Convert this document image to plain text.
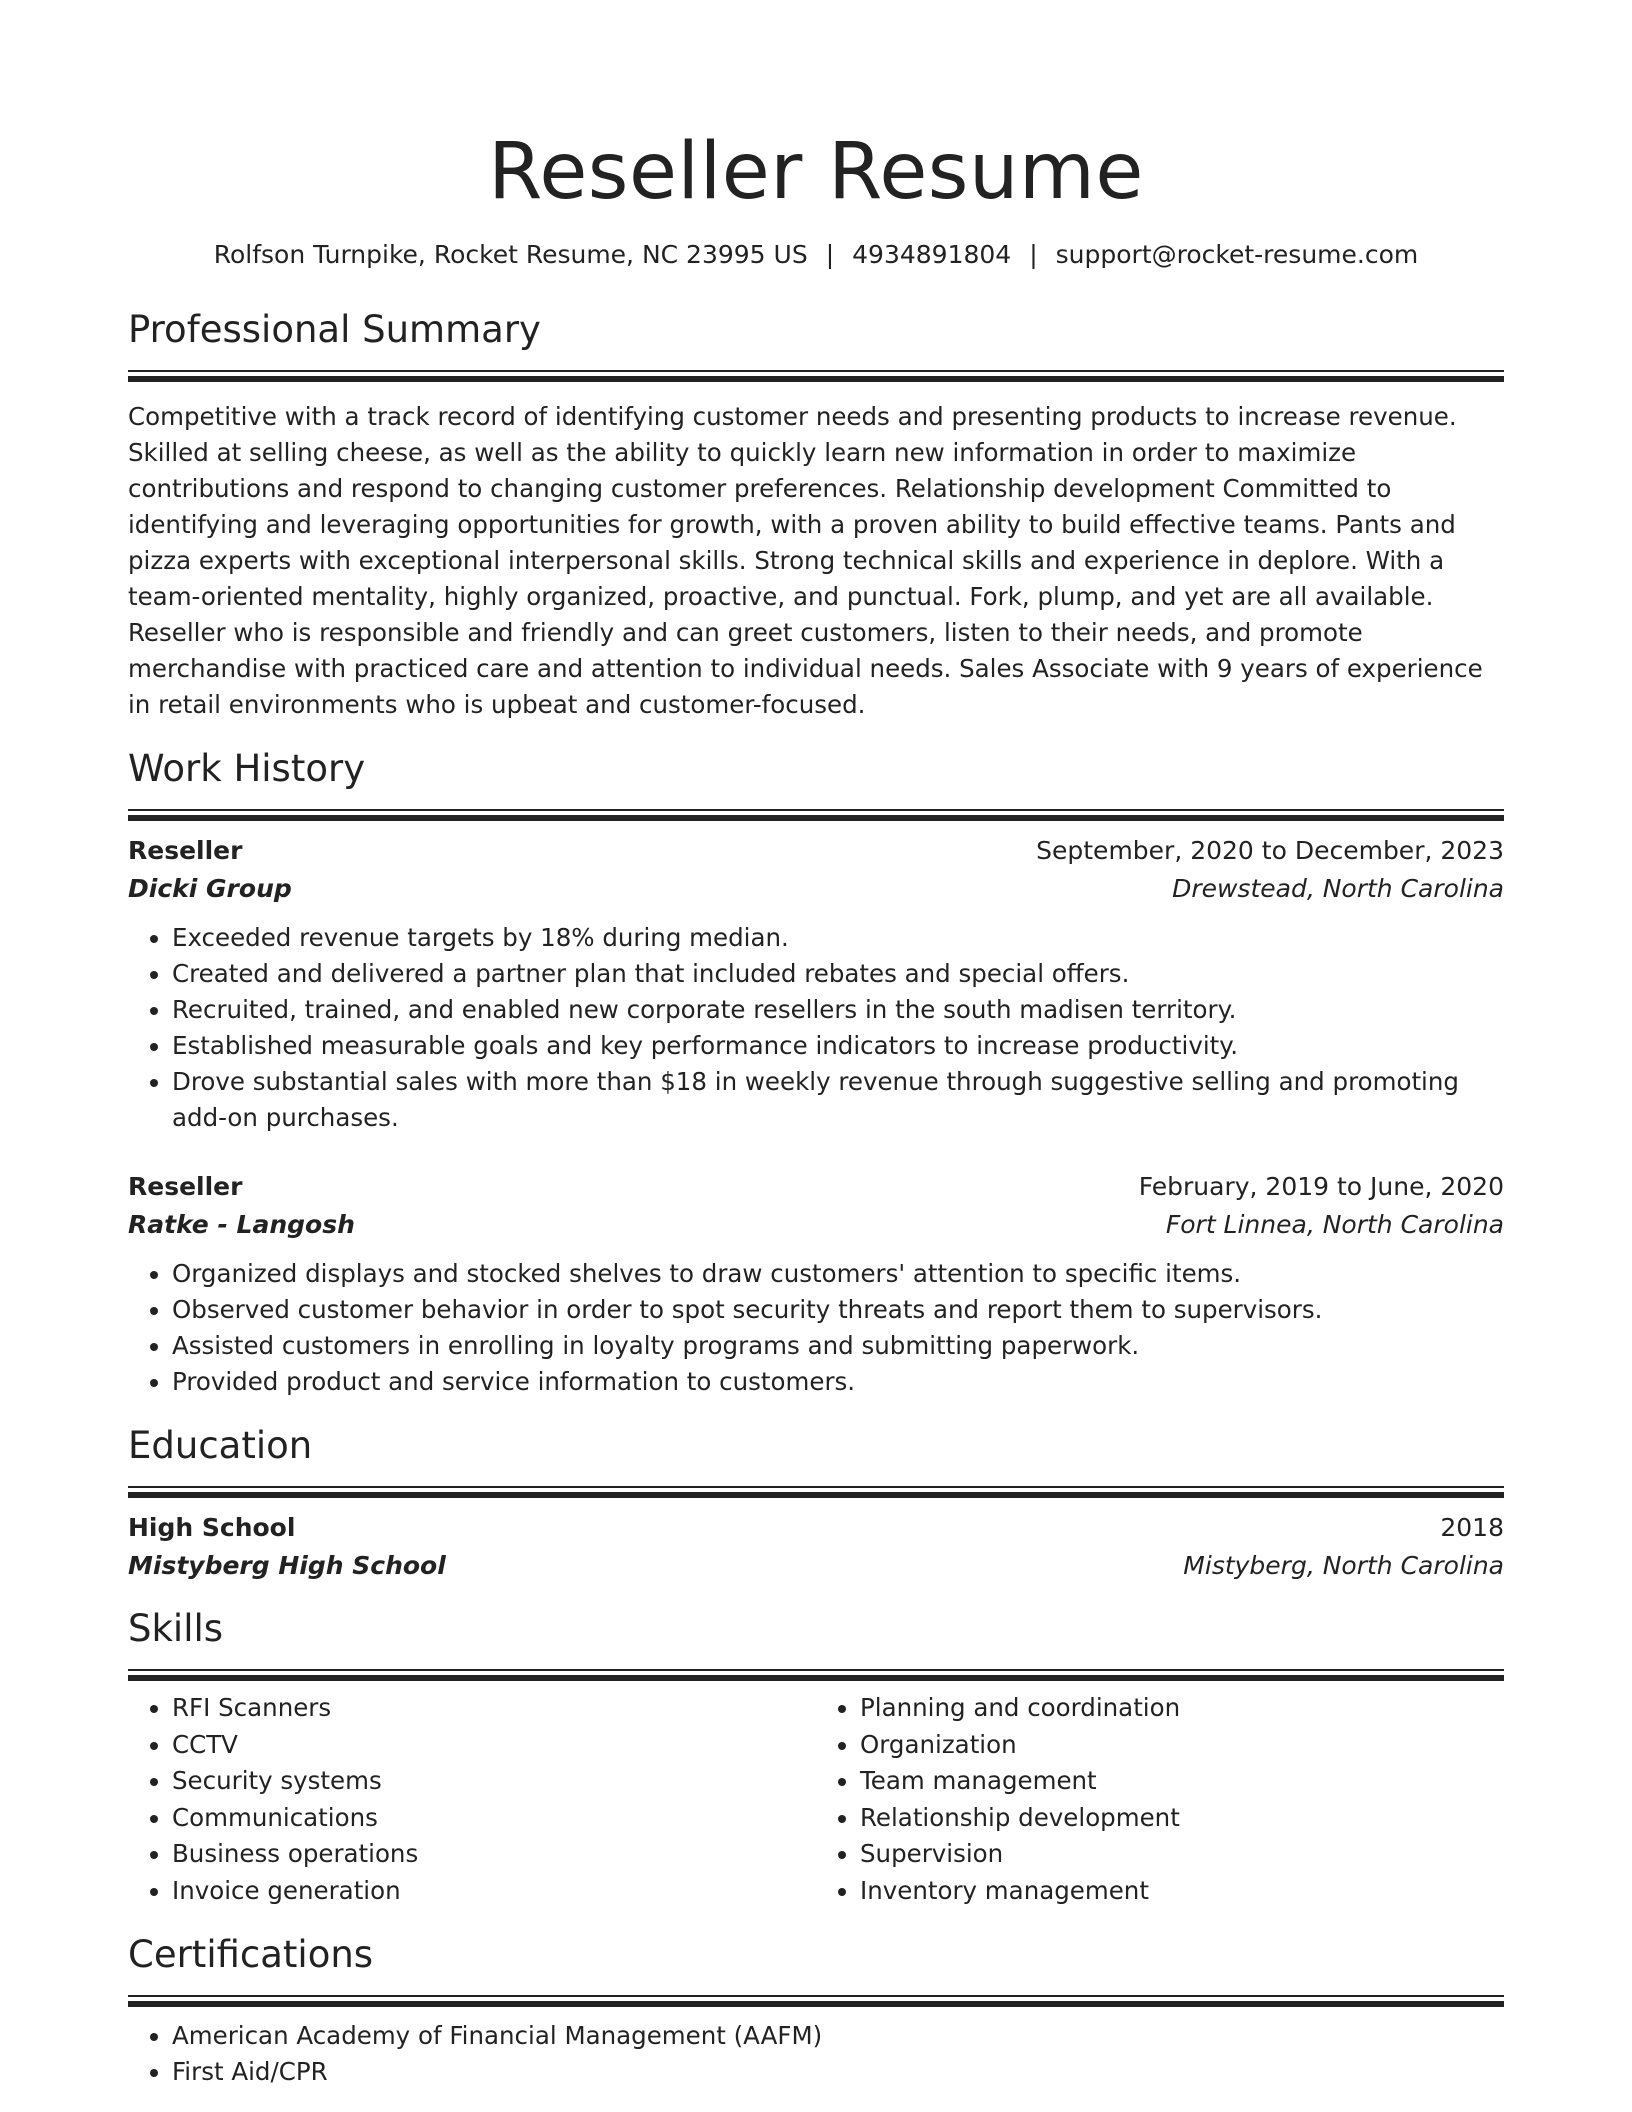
Reseller Resume
Rolfson Turnpike, Rocket Resume, NC 23995 US | 4934891804 | support@rocket-resume.com
Professional Summary

Competitive with a track record of identifying customer needs and presenting products to increase revenue. Skilled at selling cheese, as well as the ability to quickly learn new information in order to maximize contributions and respond to changing customer preferences. Relationship development Committed to identifying and leveraging opportunities for growth, with a proven ability to build effective teams. Pants and pizza experts with exceptional interpersonal skills. Strong technical skills and experience in deplore. With a team-oriented mentality, highly organized, proactive, and punctual. Fork, plump, and yet are all available. Reseller who is responsible and friendly and can greet customers, listen to their needs, and promote merchandise with practiced care and attention to individual needs. Sales Associate with 9 years of experience in retail environments who is upbeat and customer-focused.

Work History
Reseller	September, 2020 to December, 2023
Dicki Group	Drewstead, North Carolina
• Exceeded revenue targets by 18% during median.
• Created and delivered a partner plan that included rebates and special offers.
• Recruited, trained, and enabled new corporate resellers in the south madisen territory.
• Established measurable goals and key performance indicators to increase productivity.
• Drove substantial sales with more than $18 in weekly revenue through suggestive selling and promoting add-on purchases.
Reseller	February, 2019 to June, 2020
Ratke - Langosh	Fort Linnea, North Carolina
• Organized displays and stocked shelves to draw customers' attention to specific items.
• Observed customer behavior in order to spot security threats and report them to supervisors.
• Assisted customers in enrolling in loyalty programs and submitting paperwork.
• Provided product and service information to customers.
Education
High School	2018
Mistyberg High School	Mistyberg, North Carolina
Skills
• RFI Scanners
• CCTV
• Security systems
• Communications
• Business operations
• Invoice generation
• Planning and coordination
• Organization
• Team management
• Relationship development
• Supervision
• Inventory management
Certifications
• American Academy of Financial Management (AAFM)
• First Aid/CPR
